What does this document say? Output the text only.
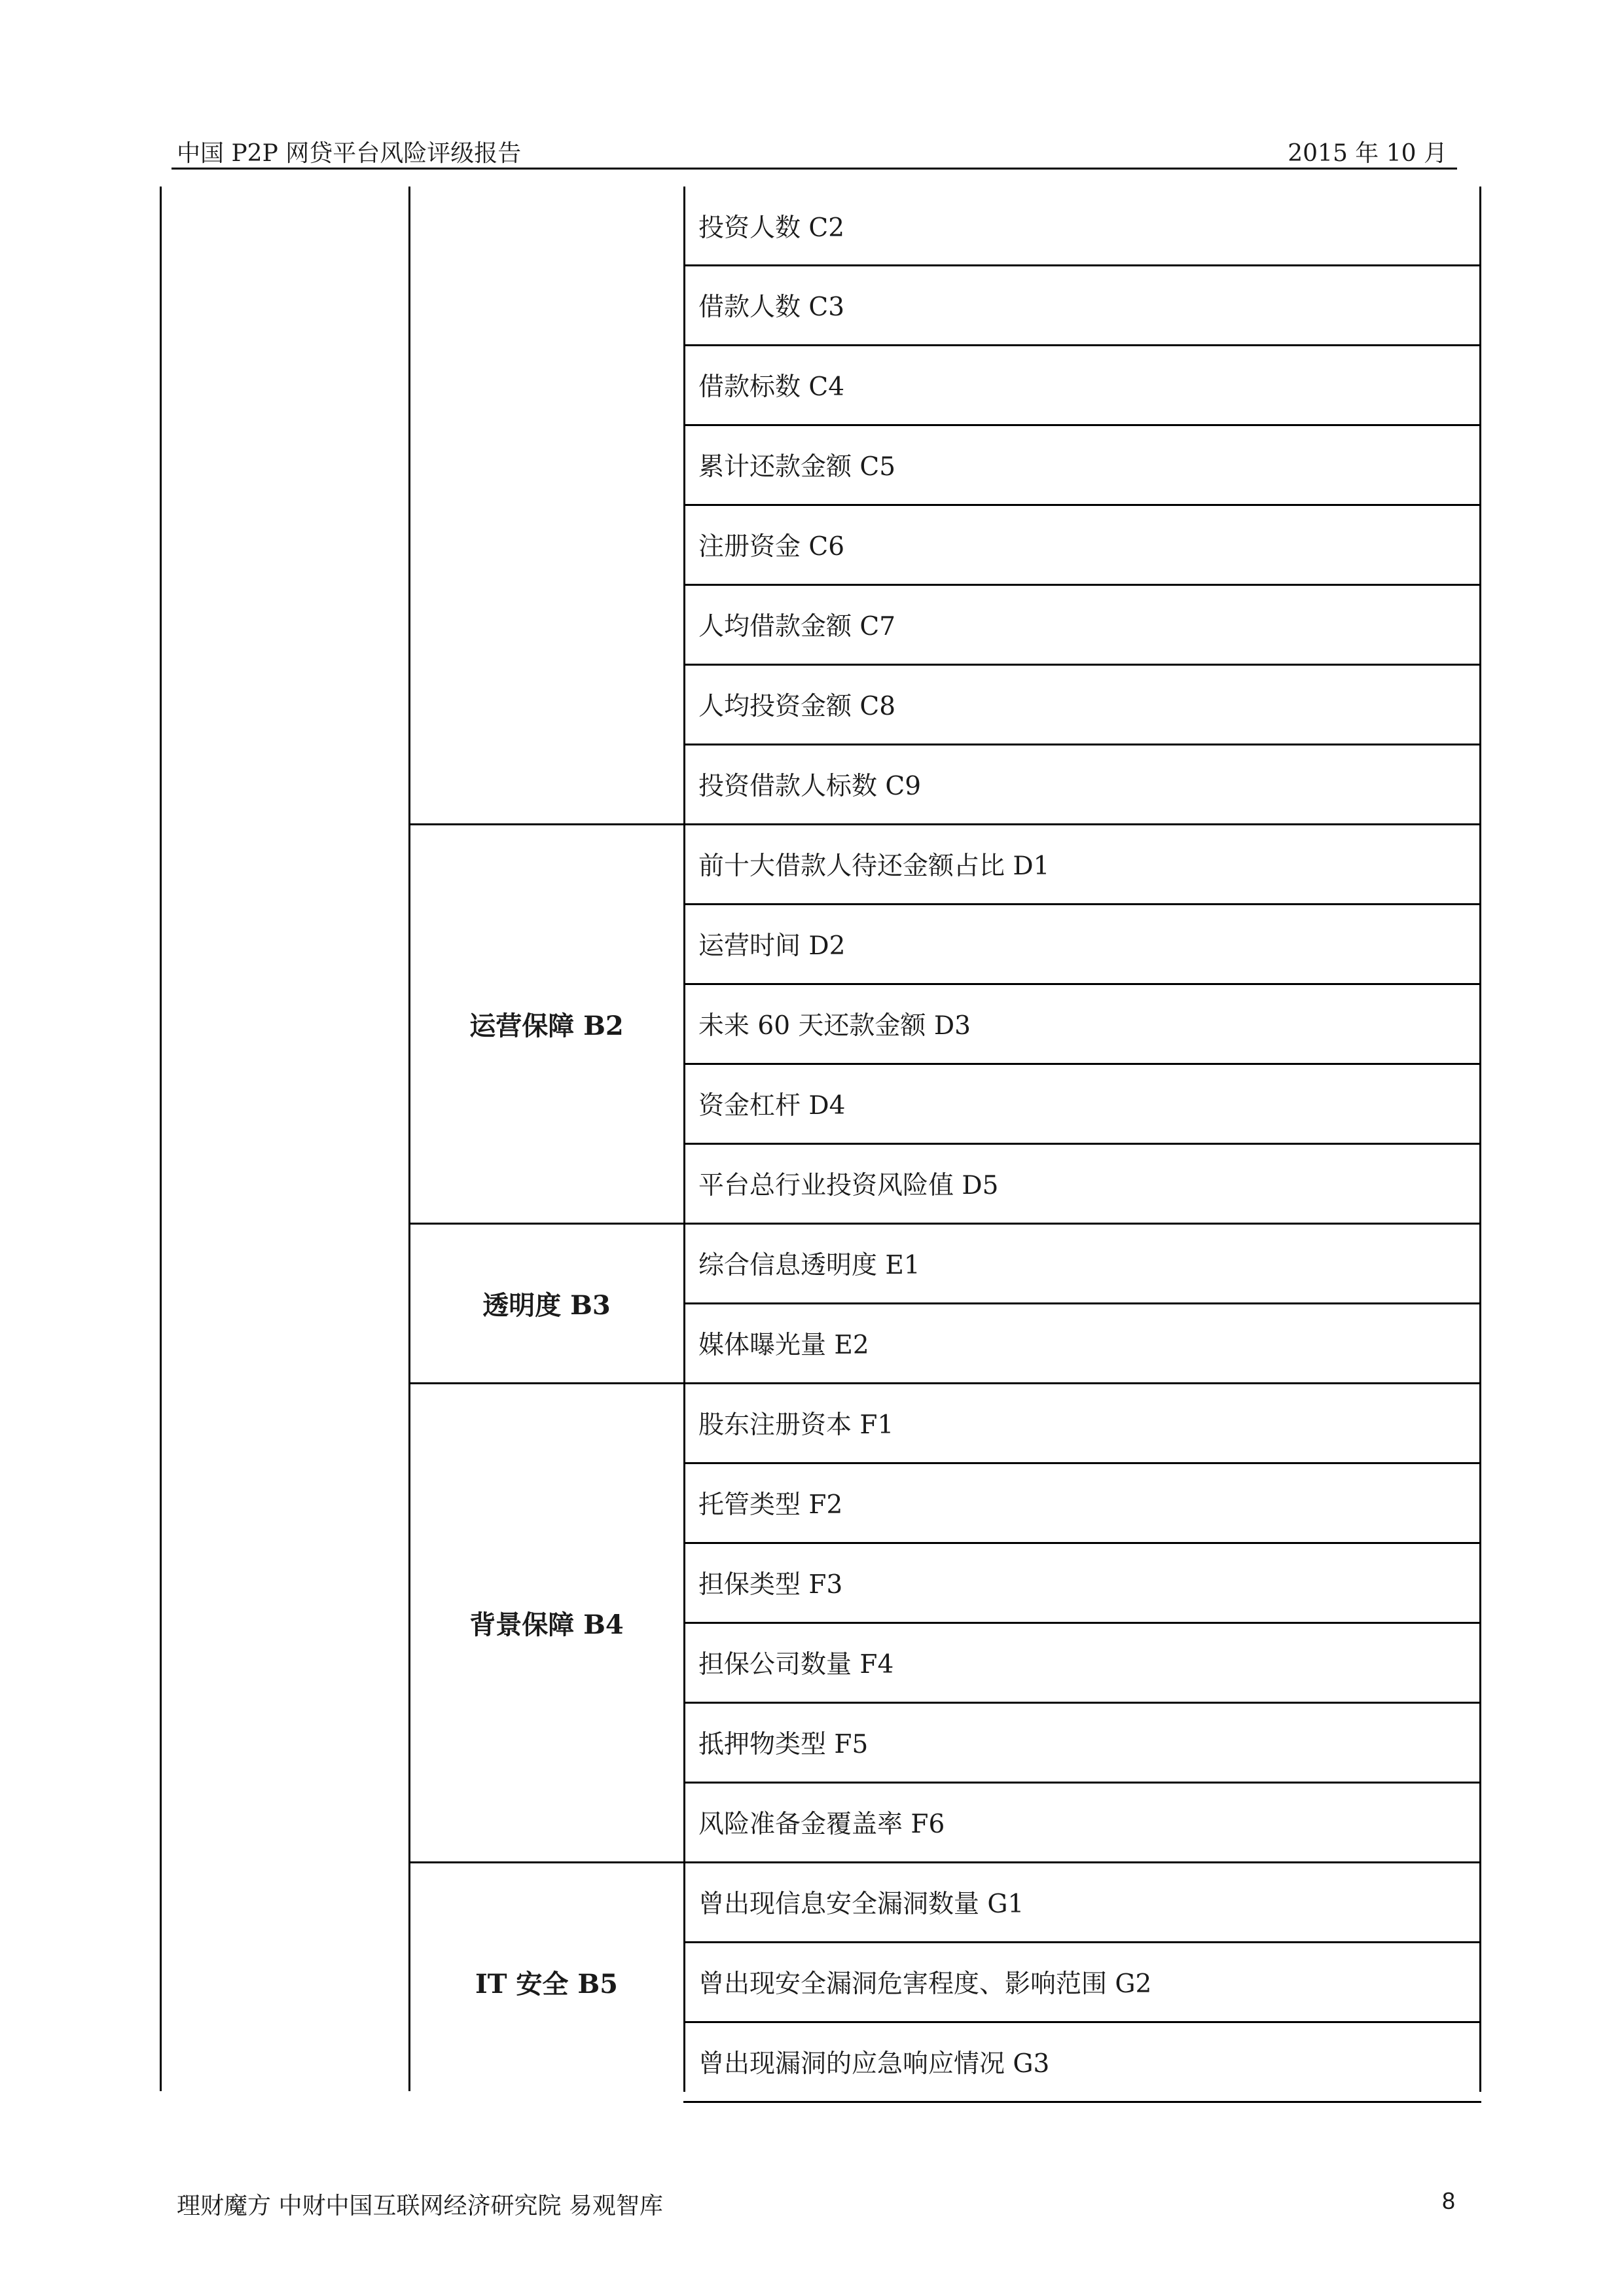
中国 P2P 网贷平台风险评级报告	2015 年 10 月
投资人数 C2
借款人数 C3
借款标数 C4
累计还款金额 C5
注册资金 C6
人均借款金额 C7
人均投资金额 C8
投资借款人标数 C9
运营保障 B2
前十大借款人待还金额占比 D1
运营时间 D2
未来 60 天还款金额 D3
资金杠杆 D4
平台总行业投资风险值 D5
透明度 B3
综合信息透明度 E1
媒体曝光量 E2
背景保障 B4
股东注册资本 F1
托管类型 F2
担保类型 F3
担保公司数量 F4
抵押物类型 F5
风险准备金覆盖率 F6
IT 安全 B5
曾出现信息安全漏洞数量 G1
曾出现安全漏洞危害程度、影响范围 G2
曾出现漏洞的应急响应情况 G3
理财魔方 中财中国互联网经济研究院 易观智库	8
